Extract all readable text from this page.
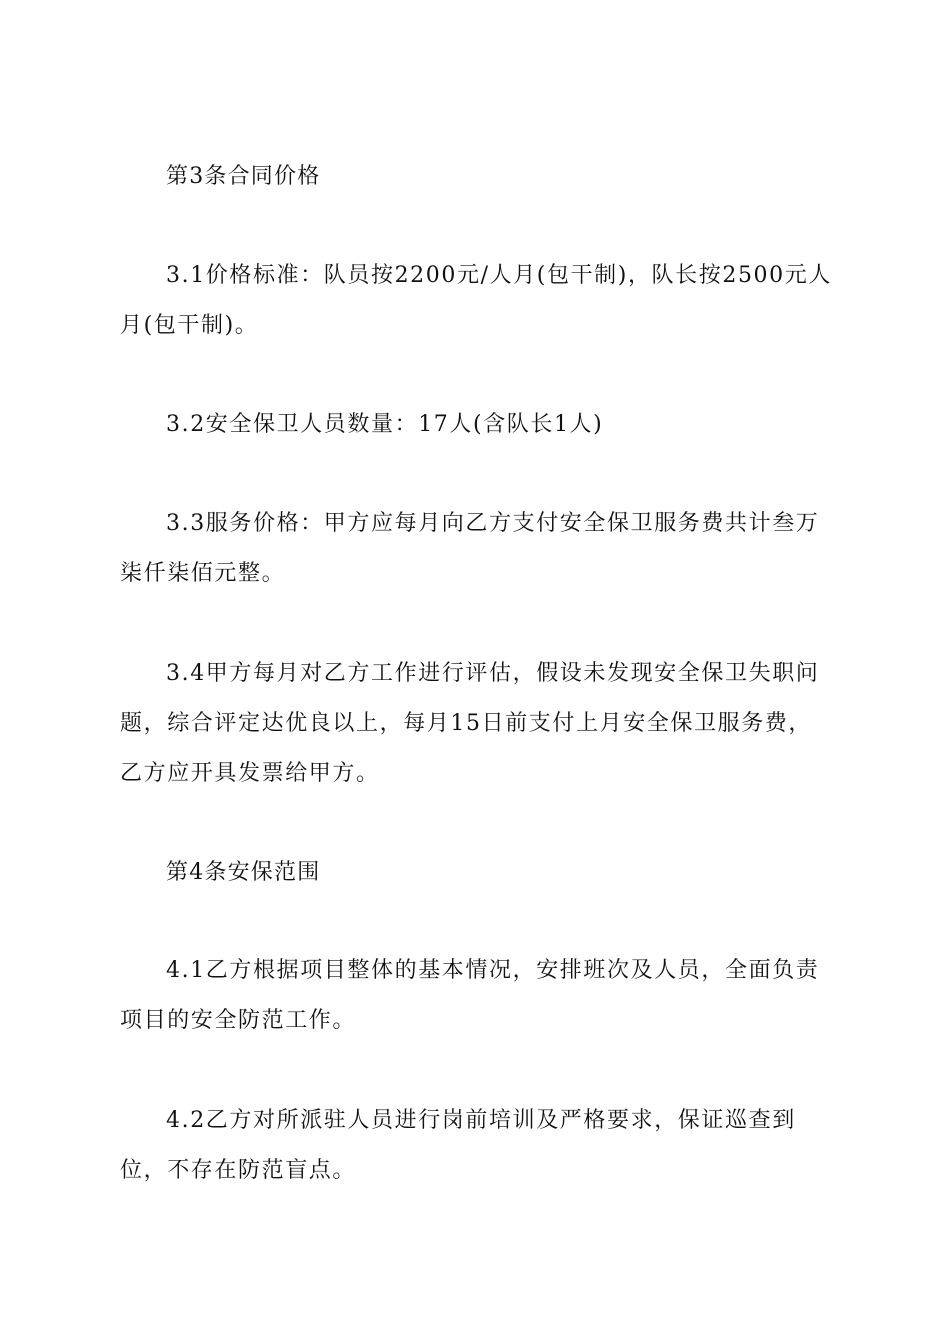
第3条合同价格

3.1价格标准：队员按2200元/人月(包干制)，队长按2500元人月(包干制)。

3.2安全保卫人员数量：17人(含队长1人)

3.3服务价格：甲方应每月向乙方支付安全保卫服务费共计叁万柒仟柒佰元整。

3.4甲方每月对乙方工作进行评估，假设未发现安全保卫失职问题，综合评定达优良以上，每月15日前支付上月安全保卫服务费，乙方应开具发票给甲方。

第4条安保范围

4.1乙方根据项目整体的基本情况，安排班次及人员，全面负责项目的安全防范工作。

4.2乙方对所派驻人员进行岗前培训及严格要求，保证巡查到位，不存在防范盲点。
